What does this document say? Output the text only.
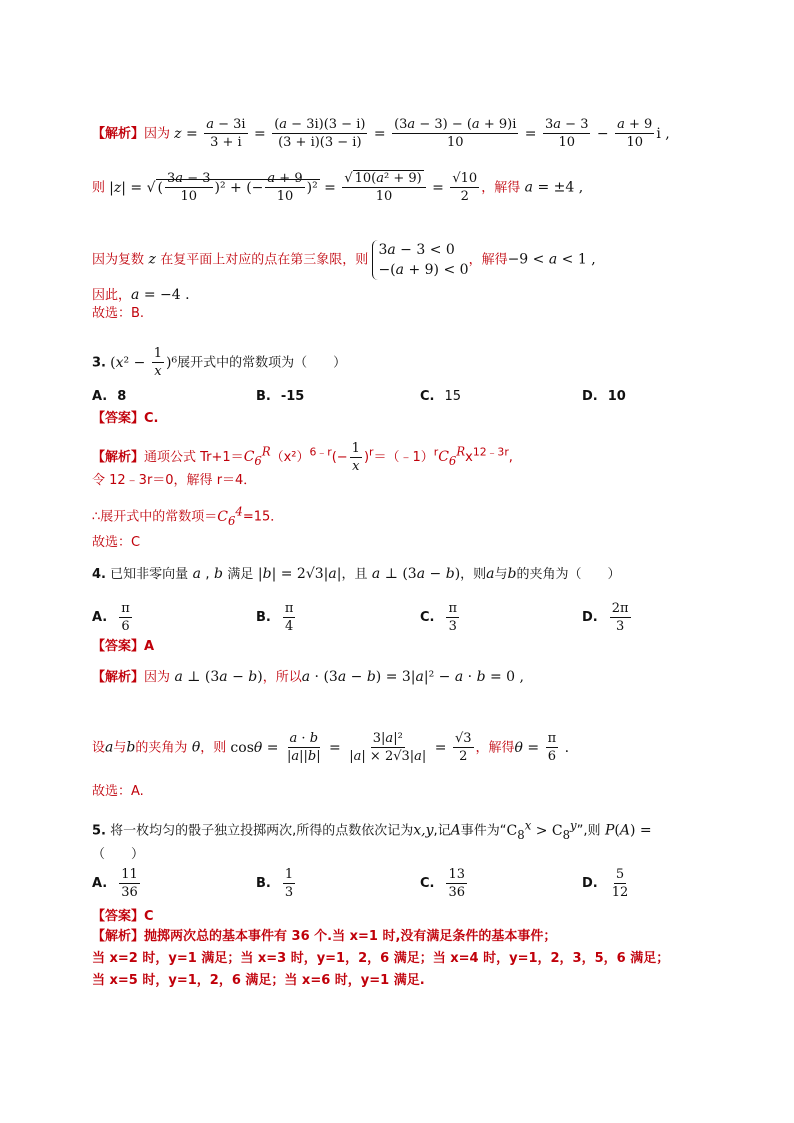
【解析】因为 $z = \frac{a - 3i}{3 + i} = \frac{(a - 3i)(3 - i)}{(3 + i)(3 - i)} = \frac{(3a - 3) - (a + 9)i}{10} = \frac{3a - 3}{10} - \frac{a + 9}{10}$ i ,
则 |z| = √ ( $\frac{3a - 3}{10} )^2$ + (− $\frac{a + 9}{10} )^2 = \frac{\text{√ 10(a² + 9)}}{10} = \frac{√10}{2}$ ，解得 a = ±4 ,
因为复数 z 在复平面上对应的点在第三象限，则 3a − 3 < 0
−(a + 9) < 0，解得−9 < a < 1 ,
因此，a = −4 .
故选：B.
3. $(x^2 - \frac{1}{x} )^6$展开式中的常数项为（　　）
A. 8	B. -15	C. 15	D. 10
【答案】C.
【解析】通项公式 $Tr+1=C_6^R(x^2)^{6﹣r}(- \frac{1}{x}$ )$^r=(﹣1)^rC_6^Rx^{12﹣3r}$,
令 12﹣3r＝0，解得 r＝4．
∴展开式中的常数项$=C_6^4=15$．
故选：C
4. 已知非零向量 a , b 满足 |b| = 2√3|a|，且 a ⊥ (3a − b)，则a与b的夹角为（　　）
A. $\frac{\pi}{6}$	B. $\frac{\pi}{4}$	C. $\frac{\pi}{3}$	D. $\frac{2\pi}{3}$
【答案】A
【解析】因为 a ⊥ (3a − b)，所以a · (3a − b) = 3|a|² − a · b = 0 ,
设a与b的夹角为 θ，则 $\cos\theta = \frac{a \cdot b}{|a||b|} = \frac{\text{3|a|²}}{|a| \times 2√3|a|} = \frac{√3}{2}$ ，解得$\theta = \frac{\pi}{6}$ .
故选：A.
5. 将一枚均匀的骰子独立投掷两次,所得的点数依次记为x,y,记A事件为“$C_8^x > C_8^y$”,则 P(A) =
（　　）
A. $\frac{11}{36}$	B. $\frac{1}{3}$	C. $\frac{13}{36}$	D. $\frac{5}{12}$
【答案】C
【解析】抛掷两次总的基本事件有 36 个.当 x=1 时,没有满足条件的基本事件；
当 x=2 时，y=1 满足；当 x=3 时，y=1，2，6 满足；当 x=4 时，y=1，2，3，5，6 满足；
当 x=5 时，y=1，2，6 满足；当 x=6 时，y=1 满足.
